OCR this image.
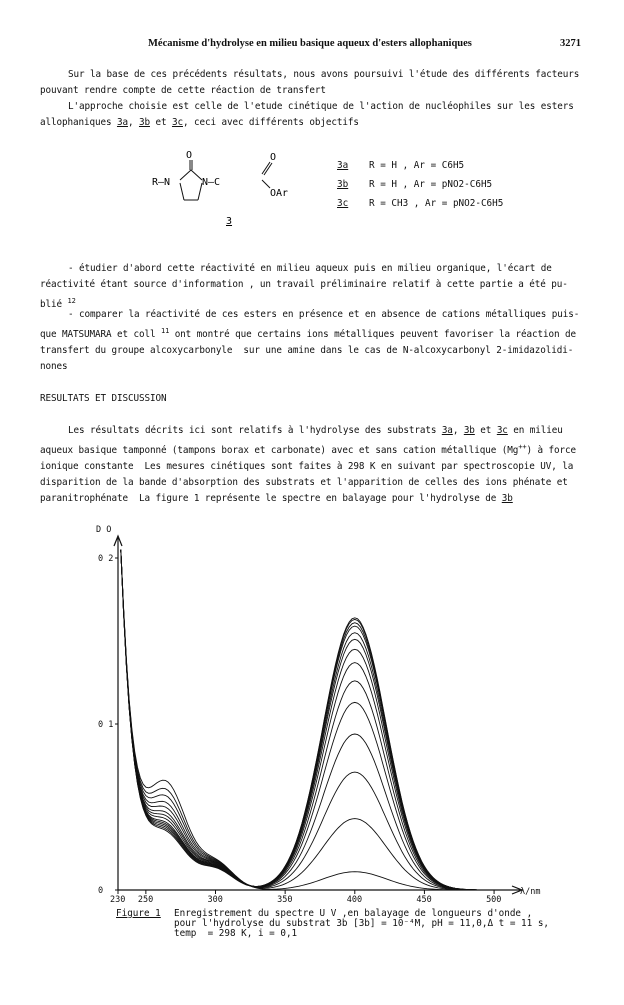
Mécanisme d'hydrolyse en milieu basique aqueux d'esters allophaniques	3271
Sur la base de ces précédents résultats, nous avons poursuivi l'étude des différents facteurs pouvant rendre compte de cette réaction de transfert
L'approche choisie est celle de l'etude cinétique de l'action de nucléophiles sur les esters allophaniques 3a, 3b et 3c, ceci avec différents objectifs
O	O
R–N	N–C
OAr
3
3a R = H , Ar = C6H5
3b R = H , Ar = pNO2-C6H5
3c R = CH3 , Ar = pNO2-C6H5
- étudier d'abord cette réactivité en milieu aqueux puis en milieu organique, l'écart de réactivité étant source d'information , un travail préliminaire relatif à cette partie a été pu- blié $^{12}$
- comparer la réactivité de ces esters en présence et en absence de cations métalliques puis- que MATSUMARA et coll $^{11}$ ont montré que certains ions métalliques peuvent favoriser la réaction de transfert du groupe alcoxycarbonyle  sur une amine dans le cas de N-alcoxycarbonyl 2-imidazolidi- nones
RESULTATS ET DISCUSSION
Les résultats décrits ici sont relatifs à l'hydrolyse des substrats 3a, 3b et 3c en milieu aqueux basique tamponné (tampons borax et carbonate) avec et sans cation métallique (Mg++) à force ionique constante  Les mesures cinétiques sont faites à 298 K en suivant par spectroscopie UV, la disparition de la bande d'absorption des substrats et l'apparition de celles des ions phénate et paranitrophénate  La figure 1 représente le spectre en balayage pour l'hydrolyse de 3b
230 250	300	350	400	450	500
0 2
0 1
0
D O
λ/nm
Figure 1 Enregistrement du spectre U V ,en balayage de longueurs d'onde ,
pour l'hydrolyse du substrat 3b [3b] = 10⁻⁴M, pH = 11,0,Δ t = 11 s,
temp  = 298 K, i = 0,1
